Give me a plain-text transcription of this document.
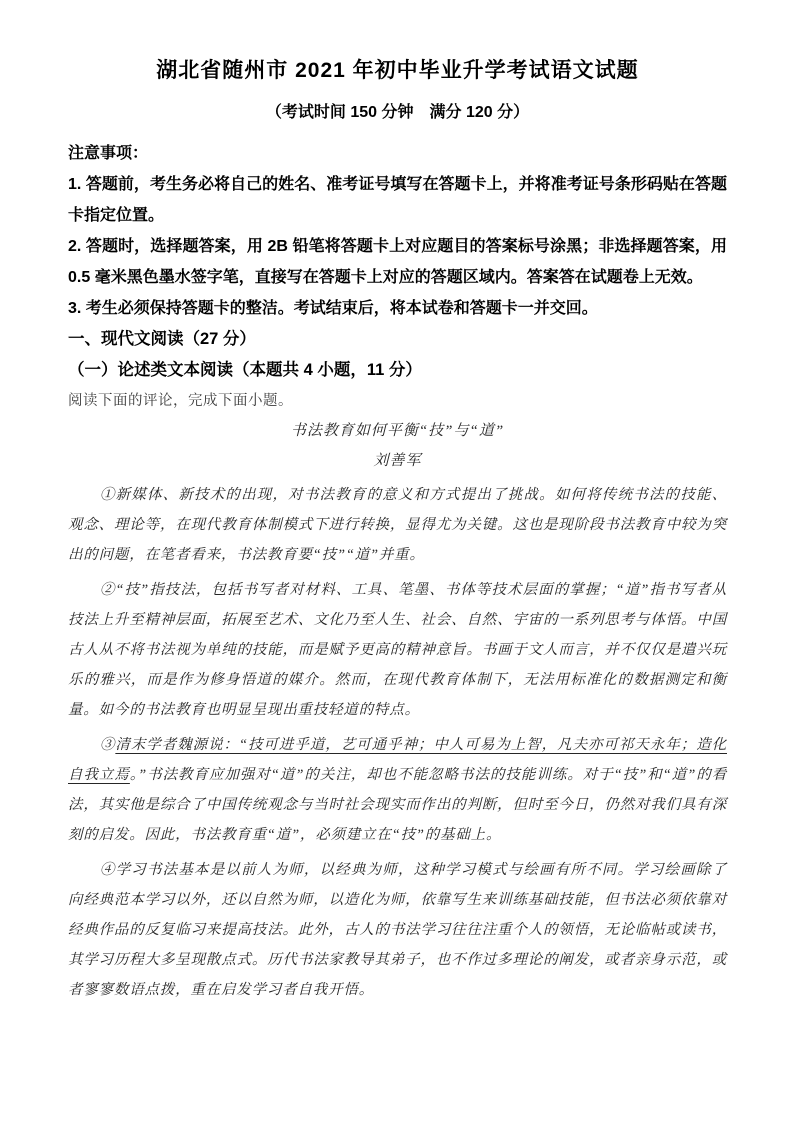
湖北省随州市 2021 年初中毕业升学考试语文试题
（考试时间 150 分钟　满分 120 分）
注意事项：
1. 答题前，考生务必将自己的姓名、准考证号填写在答题卡上，并将准考证号条形码贴在答题卡指定位置。
2. 答题时，选择题答案，用 2B 铅笔将答题卡上对应题目的答案标号涂黑；非选择题答案，用 0.5 毫米黑色墨水签字笔，直接写在答题卡上对应的答题区域内。答案答在试题卷上无效。
3. 考生必须保持答题卡的整洁。考试结束后，将本试卷和答题卡一并交回。
一、现代文阅读（27 分）
（一）论述类文本阅读（本题共 4 小题，11 分）
阅读下面的评论，完成下面小题。
书法教育如何平衡“技”与“道”
刘善军

①新媒体、新技术的出现，对书法教育的意义和方式提出了挑战。如何将传统书法的技能、观念、理论等，在现代教育体制模式下进行转换，显得尤为关键。这也是现阶段书法教育中较为突出的问题，在笔者看来，书法教育要“技”“道”并重。

②“技”指技法，包括书写者对材料、工具、笔墨、书体等技术层面的掌握；“道”指书写者从技法上升至精神层面，拓展至艺术、文化乃至人生、社会、自然、宇宙的一系列思考与体悟。中国古人从不将书法视为单纯的技能，而是赋予更高的精神意旨。书画于文人而言，并不仅仅是遣兴玩乐的雅兴，而是作为修身悟道的媒介。然而，在现代教育体制下，无法用标准化的数据测定和衡量。如今的书法教育也明显呈现出重技轻道的特点。

③清末学者魏源说：“技可进乎道，艺可通乎神；中人可易为上智，凡夫亦可祁天永年；造化自我立焉。”书法教育应加强对“道”的关注，却也不能忽略书法的技能训练。对于“技”和“道”的看法，其实他是综合了中国传统观念与当时社会现实而作出的判断，但时至今日，仍然对我们具有深刻的启发。因此，书法教育重“道”，必须建立在“技”的基础上。

④学习书法基本是以前人为师，以经典为师，这种学习模式与绘画有所不同。学习绘画除了向经典范本学习以外，还以自然为师，以造化为师，依靠写生来训练基础技能，但书法必须依靠对经典作品的反复临习来提高技法。此外，古人的书法学习往往注重个人的领悟，无论临帖或读书，其学习历程大多呈现散点式。历代书法家教导其弟子，也不作过多理论的阐发，或者亲身示范，或者寥寥数语点拨，重在启发学习者自我开悟。
